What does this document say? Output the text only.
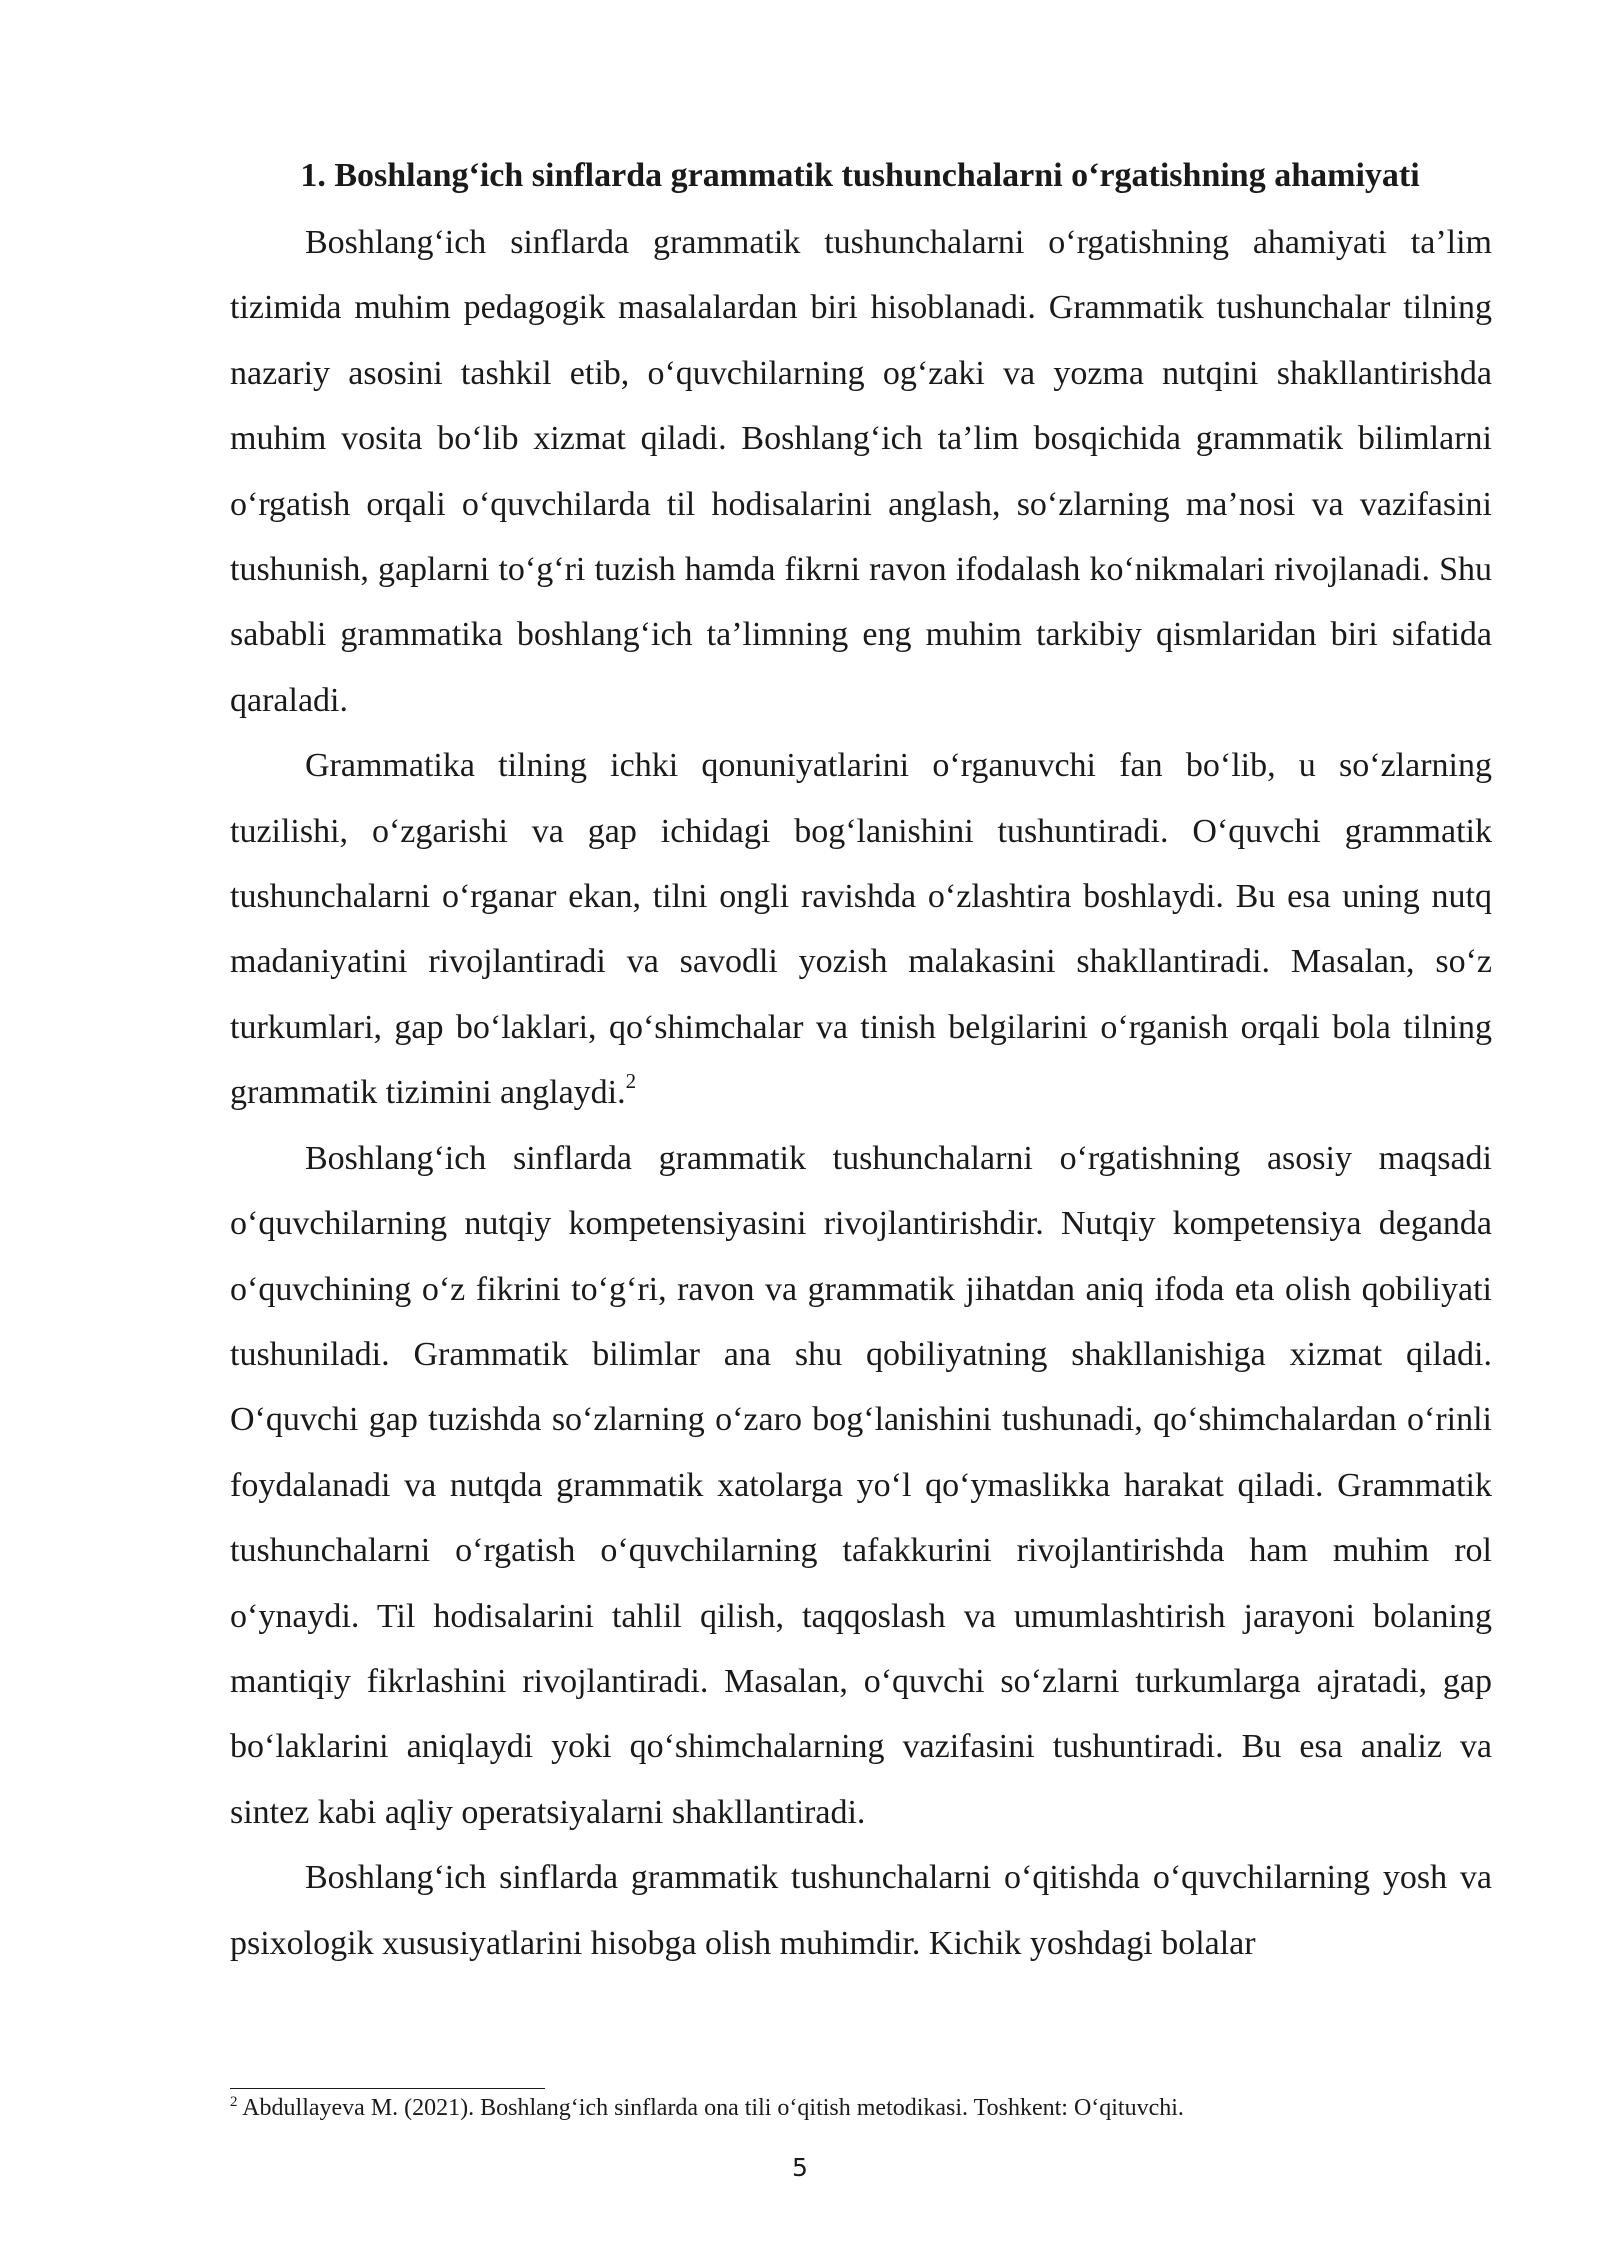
1. Boshlang‘ich sinflarda grammatik tushunchalarni o‘rgatishning ahamiyati

Boshlang‘ich sinflarda grammatik tushunchalarni o‘rgatishning ahamiyati ta’lim tizimida muhim pedagogik masalalardan biri hisoblanadi. Grammatik tushunchalar tilning nazariy asosini tashkil etib, o‘quvchilarning og‘zaki va yozma nutqini shakllantirishda muhim vosita bo‘lib xizmat qiladi. Boshlang‘ich ta’lim bosqichida grammatik bilimlarni o‘rgatish orqali o‘quvchilarda til hodisalarini anglash, so‘zlarning ma’nosi va vazifasini tushunish, gaplarni to‘g‘ri tuzish hamda fikrni ravon ifodalash ko‘nikmalari rivojlanadi. Shu sababli grammatika boshlang‘ich ta’limning eng muhim tarkibiy qismlaridan biri sifatida qaraladi.

Grammatika tilning ichki qonuniyatlarini o‘rganuvchi fan bo‘lib, u so‘zlarning tuzilishi, o‘zgarishi va gap ichidagi bog‘lanishini tushuntiradi. O‘quvchi grammatik tushunchalarni o‘rganar ekan, tilni ongli ravishda o‘zlashtira boshlaydi. Bu esa uning nutq madaniyatini rivojlantiradi va savodli yozish malakasini shakllantiradi. Masalan, so‘z turkumlari, gap bo‘laklari, qo‘shimchalar va tinish belgilarini o‘rganish orqali bola tilning grammatik tizimini anglaydi.$^2$

Boshlang‘ich sinflarda grammatik tushunchalarni o‘rgatishning asosiy maqsadi o‘quvchilarning nutqiy kompetensiyasini rivojlantirishdir. Nutqiy kompetensiya deganda o‘quvchining o‘z fikrini to‘g‘ri, ravon va grammatik jihatdan aniq ifoda eta olish qobiliyati tushuniladi. Grammatik bilimlar ana shu qobiliyatning shakllanishiga xizmat qiladi. O‘quvchi gap tuzishda so‘zlarning o‘zaro bog‘lanishini tushunadi, qo‘shimchalardan o‘rinli foydalanadi va nutqda grammatik xatolarga yo‘l qo‘ymaslikka harakat qiladi. Grammatik tushunchalarni o‘rgatish o‘quvchilarning tafakkurini rivojlantirishda ham muhim rol o‘ynaydi. Til hodisalarini tahlil qilish, taqqoslash va umumlashtirish jarayoni bolaning mantiqiy fikrlashini rivojlantiradi. Masalan, o‘quvchi so‘zlarni turkumlarga ajratadi, gap bo‘laklarini aniqlaydi yoki qo‘shimchalarning vazifasini tushuntiradi. Bu esa analiz va sintez kabi aqliy operatsiyalarni shakllantiradi.

Boshlang‘ich sinflarda grammatik tushunchalarni o‘qitishda o‘quvchilarning yosh va psixologik xususiyatlarini hisobga olish muhimdir. Kichik yoshdagi bolalar

$^2$ Abdullayeva M. (2021). Boshlang‘ich sinflarda ona tili o‘qitish metodikasi. Toshkent: O‘qituvchi.

5
